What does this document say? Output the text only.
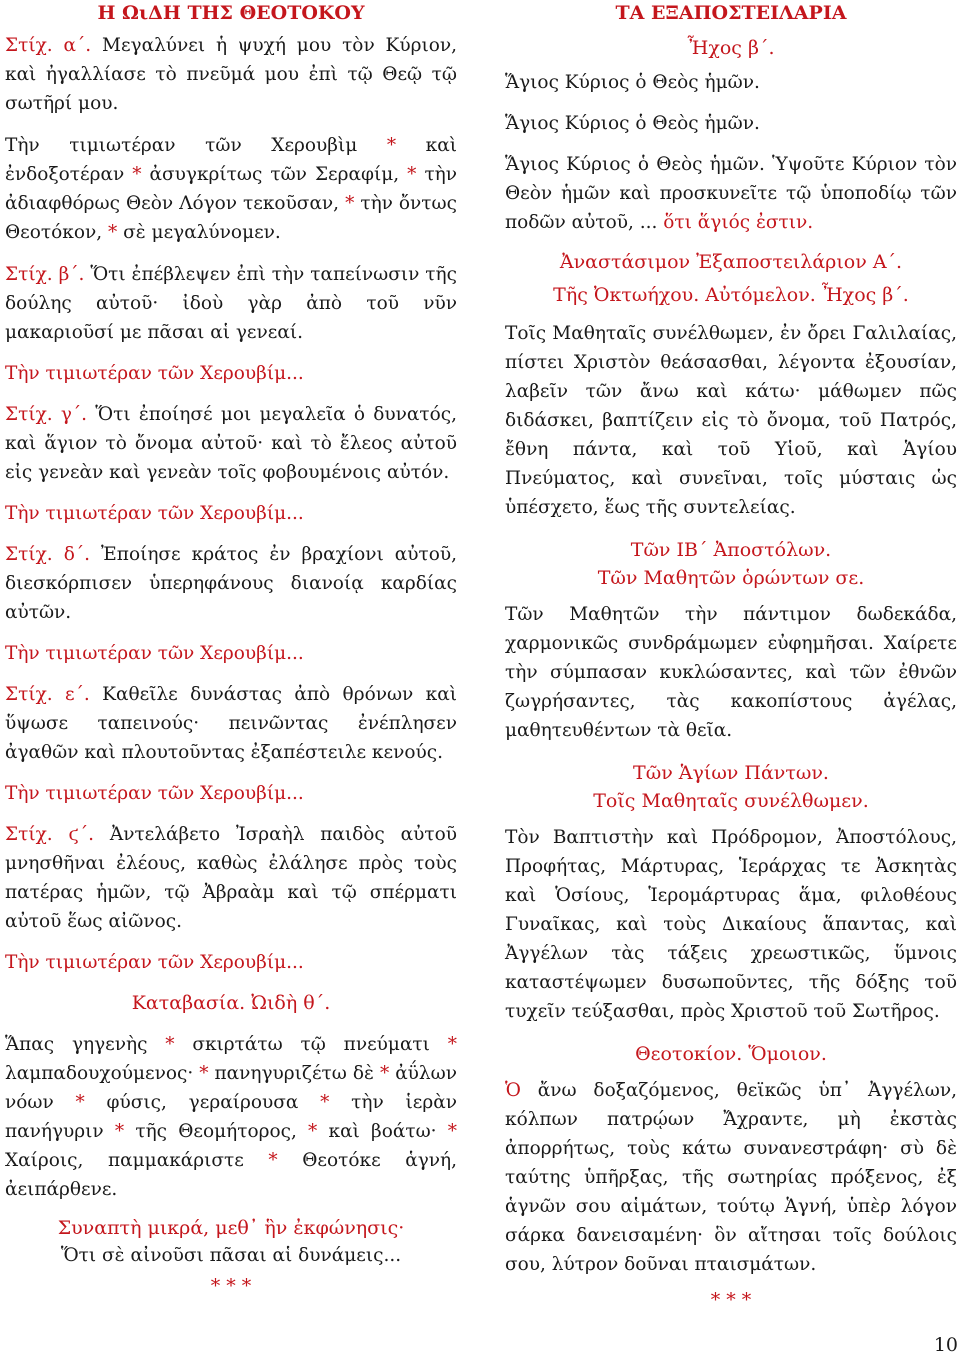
Η ΩιΔΗ ΤΗΣ ΘΕΟΤΟΚΟΥ

Στίχ. α΄. Μεγαλύνει ἡ ψυχή μου τὸν Κύριον, καὶ ἠγαλλίασε τὸ πνεῦμά μου ἐπὶ τῷ Θεῷ τῷ σωτῆρί μου.

Τὴν τιμιωτέραν τῶν Χερουβὶμ * καὶ ἐνδοξοτέραν * ἀσυγκρίτως τῶν Σεραφίμ, * τὴν ἀδιαφθόρως Θεὸν Λόγον τεκοῦσαν, * τὴν ὄντως Θεοτόκον, * σὲ μεγαλύνομεν.

Στίχ. β΄. Ὅτι ἐπέβλεψεν ἐπὶ τὴν ταπείνωσιν τῆς δούλης αὐτοῦ· ἰδοὺ γὰρ ἀπὸ τοῦ νῦν μακαριοῦσί με πᾶσαι αἱ γενεαί.

Τὴν τιμιωτέραν τῶν Χερουβίμ...

Στίχ. γ΄. Ὅτι ἐποίησέ μοι μεγαλεῖα ὁ δυνατός, καὶ ἅγιον τὸ ὄνομα αὐτοῦ· καὶ τὸ ἔλεος αὐτοῦ εἰς γενεὰν καὶ γενεὰν τοῖς φοβουμένοις αὐτόν.

Τὴν τιμιωτέραν τῶν Χερουβίμ...

Στίχ. δ΄. Ἐποίησε κράτος ἐν βραχίονι αὐτοῦ, διεσκόρπισεν ὑπερηφάνους διανοίᾳ καρδίας αὐτῶν.

Τὴν τιμιωτέραν τῶν Χερουβίμ...

Στίχ. ε΄. Καθεῖλε δυνάστας ἀπὸ θρόνων καὶ ὕψωσε ταπεινούς· πεινῶντας ἐνέπλησεν ἀγαθῶν καὶ πλουτοῦντας ἐξαπέστειλε κενούς.

Τὴν τιμιωτέραν τῶν Χερουβίμ...

Στίχ. ϛ΄. Ἀντελάβετο Ἰσραὴλ παιδὸς αὐτοῦ μνησθῆναι ἐλέους, καθὼς ἐλάλησε πρὸς τοὺς πατέρας ἡμῶν, τῷ Ἀβραὰμ καὶ τῷ σπέρματι αὐτοῦ ἕως αἰῶνος.

Τὴν τιμιωτέραν τῶν Χερουβίμ...

Καταβασία. Ὠιδὴ θ΄.

Ἅπας γηγενὴς * σκιρτάτω τῷ πνεύματι * λαμπαδουχούμενος· * πανηγυριζέτω δὲ * ἀΰλων νόων * φύσις, γεραίρουσα * τὴν ἱερὰν πανήγυριν * τῆς Θεομήτορος, * καὶ βοάτω· * Χαίροις, παμμακάριστε * Θεοτόκε ἁγνή, ἀειπάρθενε.

Συναπτὴ μικρά, μεθ᾽ ἣν ἐκφώνησις·

Ὅτι σὲ αἰνοῦσι πᾶσαι αἱ δυνάμεις...

* * *

ΤΑ ΕΞΑΠΟΣΤΕΙΛΑΡΙΑ

Ἦχος β΄.

Ἅγιος Κύριος ὁ Θεὸς ἡμῶν.

Ἅγιος Κύριος ὁ Θεὸς ἡμῶν.

Ἅγιος Κύριος ὁ Θεὸς ἡμῶν. Ὑψοῦτε Κύριον τὸν Θεὸν ἡμῶν καὶ προσκυνεῖτε τῷ ὑποποδίῳ τῶν ποδῶν αὐτοῦ, ... ὅτι ἅγιός ἐστιν.

Ἀναστάσιμον Ἐξαποστειλάριον Α΄.

Τῆς Ὀκτωήχου. Αὐτόμελον. Ἦχος β΄.

Τοῖς Μαθηταῖς συνέλθωμεν, ἐν ὄρει Γαλιλαίας, πίστει Χριστὸν θεάσασθαι, λέγοντα ἐξουσίαν, λαβεῖν τῶν ἄνω καὶ κάτω· μάθωμεν πῶς διδάσκει, βαπτίζειν εἰς τὸ ὄνομα, τοῦ Πατρός, ἔθνη πάντα, καὶ τοῦ Υἱοῦ, καὶ Ἁγίου Πνεύματος, καὶ συνεῖναι, τοῖς μύσταις ὡς ὑπέσχετο, ἕως τῆς συντελείας.

Τῶν ΙΒ΄ Ἀποστόλων.

Τῶν Μαθητῶν ὁρώντων σε.

Τῶν Μαθητῶν τὴν πάντιμον δωδεκάδα, χαρμονικῶς συνδράμωμεν εὐφημῆσαι. Χαίρετε τὴν σύμπασαν κυκλώσαντες, καὶ τῶν ἐθνῶν ζωγρήσαντες, τὰς κακοπίστους ἀγέλας, μαθητευθέντων τὰ θεῖα.

Τῶν Ἁγίων Πάντων.

Τοῖς Μαθηταῖς συνέλθωμεν.

Τὸν Βαπτιστὴν καὶ Πρόδρομον, Ἀποστόλους, Προφήτας, Μάρτυρας, Ἱεράρχας τε Ἀσκητὰς καὶ Ὁσίους, Ἱερομάρτυρας ἅμα, φιλοθέους Γυναῖκας, καὶ τοὺς Δικαίους ἅπαντας, καὶ Ἀγγέλων τὰς τάξεις χρεωστικῶς, ὕμνοις καταστέψωμεν δυσωποῦντες, τῆς δόξης τοῦ τυχεῖν τεύξασθαι, πρὸς Χριστοῦ τοῦ Σωτῆρος.

Θεοτοκίον. Ὅμοιον.

Ὁ ἄνω δοξαζόμενος, θεϊκῶς ὑπ᾽ Ἀγγέλων, κόλπων πατρῴων Ἄχραντε, μὴ ἐκστὰς ἀπορρήτως, τοὺς κάτω συνανεστράφη· σὺ δὲ ταύτης ὑπῆρξας, τῆς σωτηρίας πρόξενος, ἐξ ἁγνῶν σου αἱμάτων, τούτῳ Ἁγνή, ὑπὲρ λόγον σάρκα δανεισαμένη· ὃν αἴτησαι τοῖς δούλοις σου, λύτρον δοῦναι πταισμάτων.

* * *

10
